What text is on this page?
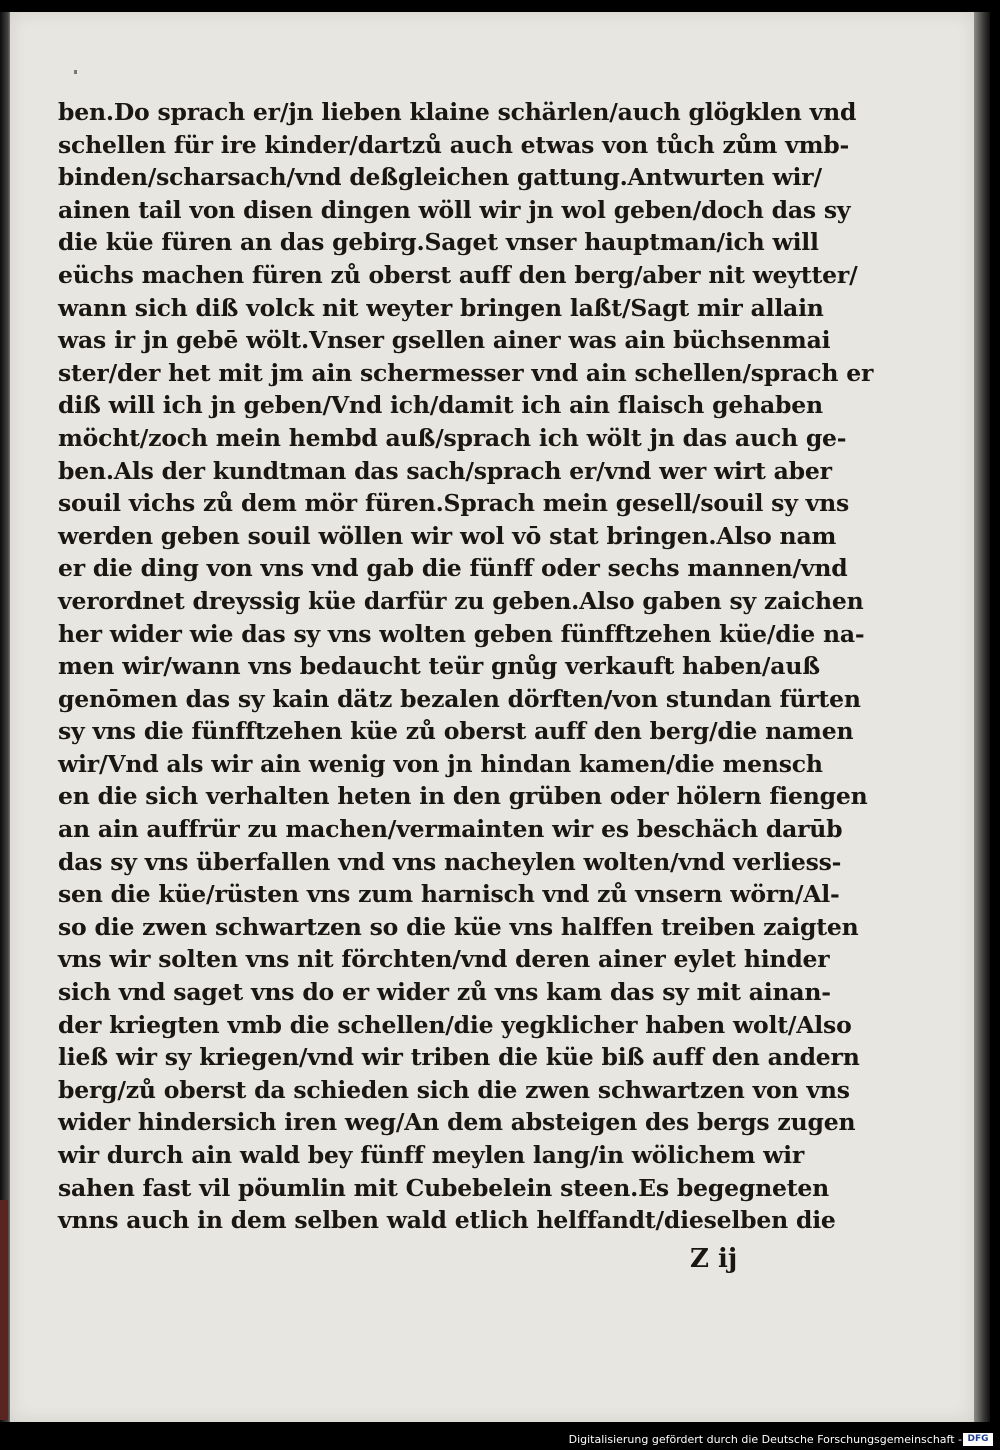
ben.Do sprach er/jn lieben klaine schärlen/auch glögklen vnd
schellen für ire kinder/dartzů auch etwas von tůch zům vmb-
binden/scharsach/vnd deßgleichen gattung.Antwurten wir/
ainen tail von disen dingen wöll wir jn wol geben/doch das sy
die küe füren an das gebirg.Saget vnser hauptman/ich will
eüchs machen füren zů oberst auff den berg/aber nit weytter/
wann sich diß volck nit weyter bringen laßt/Sagt mir allain
was ir jn gebē wölt.Vnser gsellen ainer was ain büchsenmai
ster/der het mit jm ain schermesser vnd ain schellen/sprach er
diß will ich jn geben/Vnd ich/damit ich ain flaisch gehaben
möcht/zoch mein hembd auß/sprach ich wölt jn das auch ge-
ben.Als der kundtman das sach/sprach er/vnd wer wirt aber
souil vichs zů dem mör füren.Sprach mein gesell/souil sy vns
werden geben souil wöllen wir wol vō stat bringen.Also nam
er die ding von vns vnd gab die fünff oder sechs mannen/vnd
verordnet dreyssig küe darfür zu geben.Also gaben sy zaichen
her wider wie das sy vns wolten geben fünfftzehen küe/die na-
men wir/wann vns bedaucht teür gnůg verkauft haben/auß
genōmen das sy kain dätz bezalen dörften/von stundan fürten
sy vns die fünfftzehen küe zů oberst auff den berg/die namen
wir/Vnd als wir ain wenig von jn hindan kamen/die mensch
en die sich verhalten heten in den grüben oder hölern fiengen
an ain auffrür zu machen/vermainten wir es beschäch darūb
das sy vns überfallen vnd vns nacheylen wolten/vnd verliess-
sen die küe/rüsten vns zum harnisch vnd zů vnsern wörn/Al-
so die zwen schwartzen so die küe vns halffen treiben zaigten
vns wir solten vns nit förchten/vnd deren ainer eylet hinder
sich vnd saget vns do er wider zů vns kam das sy mit ainan-
der kriegten vmb die schellen/die yegklicher haben wolt/Also
ließ wir sy kriegen/vnd wir triben die küe biß auff den andern
berg/zů oberst da schieden sich die zwen schwartzen von vns
wider hindersich iren weg/An dem absteigen des bergs zugen
wir durch ain wald bey fünff meylen lang/in wölichem wir
sahen fast vil pöumlin mit Cubebelein steen.Es begegneten
vnns auch in dem selben wald etlich helffandt/dieselben die
Z ij
Digitalisierung gefördert durch die Deutsche Forschungsgemeinschaft - DFG
